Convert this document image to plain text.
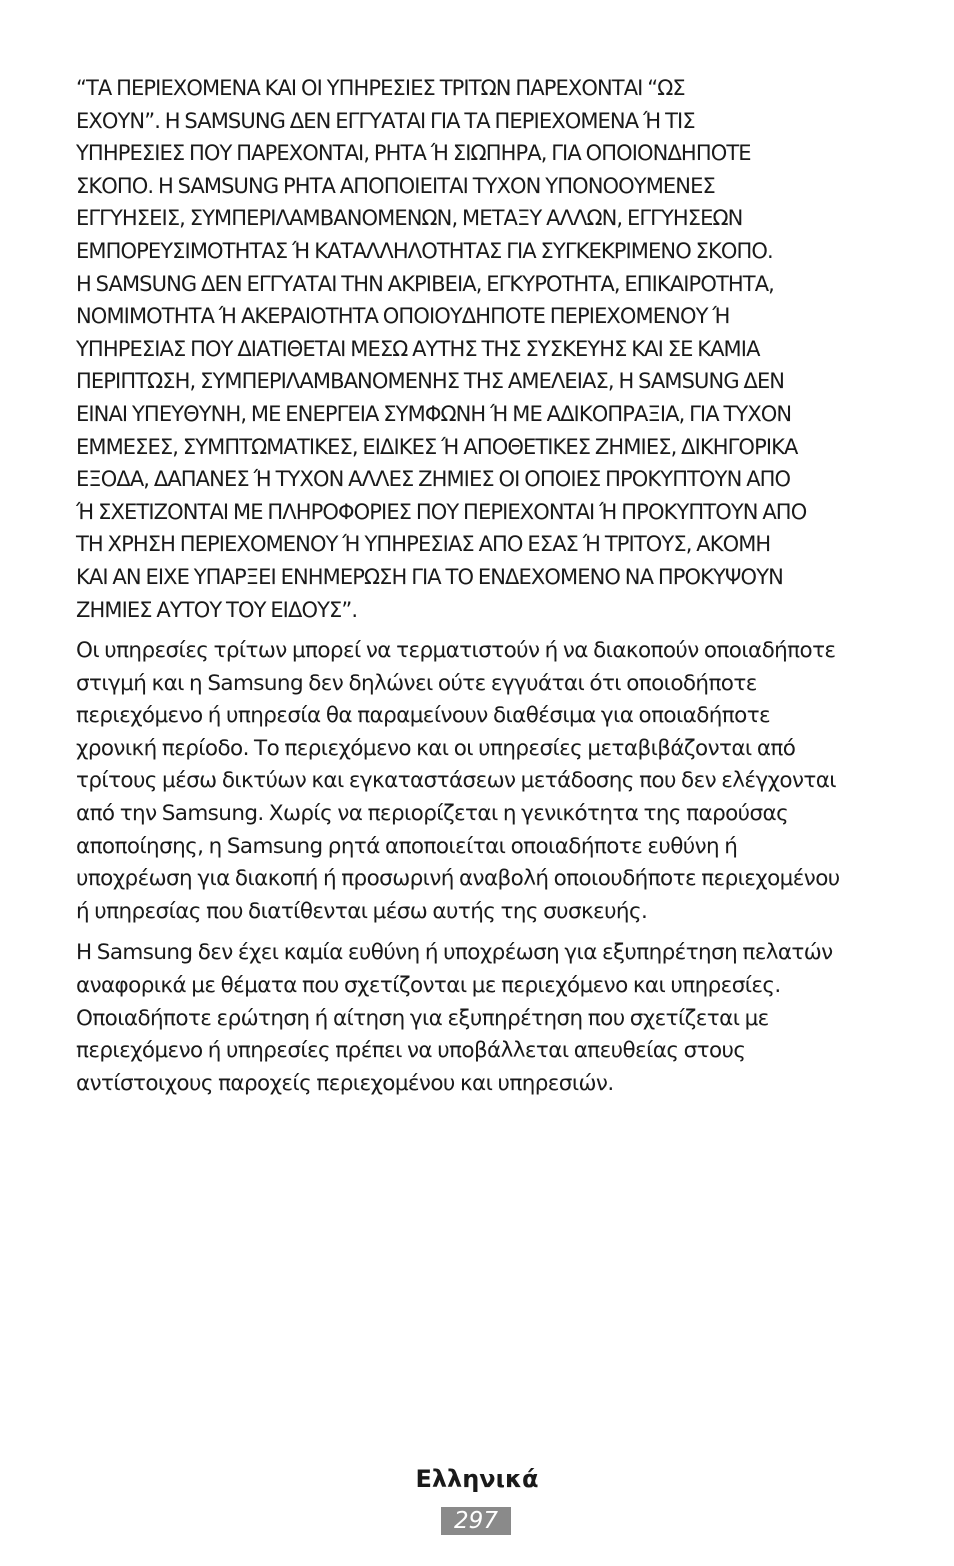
“ΤΑ ΠΕΡΙΕΧΟΜΕΝΑ ΚΑΙ ΟΙ ΥΠΗΡΕΣΙΕΣ ΤΡΙΤΩΝ ΠΑΡΕΧΟΝΤΑΙ “ΩΣ
ΕΧΟΥΝ”. Η SAMSUNG ΔΕΝ ΕΓΓΥΑΤΑΙ ΓΙΑ ΤΑ ΠΕΡΙΕΧΟΜΕΝΑ Ή ΤΙΣ
ΥΠΗΡΕΣΙΕΣ ΠΟΥ ΠΑΡΕΧΟΝΤΑΙ, ΡΗΤΑ Ή ΣΙΩΠΗΡΑ, ΓΙΑ ΟΠΟΙΟΝΔΗΠΟΤΕ
ΣΚΟΠΟ. Η SAMSUNG ΡΗΤΑ ΑΠΟΠΟΙΕΙΤΑΙ ΤΥΧΟΝ ΥΠΟΝΟΟΥΜΕΝΕΣ
ΕΓΓΥΗΣΕΙΣ, ΣΥΜΠΕΡΙΛΑΜΒΑΝΟΜΕΝΩΝ, ΜΕΤΑΞΥ ΑΛΛΩΝ, ΕΓΓΥΗΣΕΩΝ
ΕΜΠΟΡΕΥΣΙΜΟΤΗΤΑΣ Ή ΚΑΤΑΛΛΗΛΟΤΗΤΑΣ ΓΙΑ ΣΥΓΚΕΚΡΙΜΕΝΟ ΣΚΟΠΟ.
Η SAMSUNG ΔΕΝ ΕΓΓΥΑΤΑΙ ΤΗΝ ΑΚΡΙΒΕΙΑ, ΕΓΚΥΡΟΤΗΤΑ, ΕΠΙΚΑΙΡΟΤΗΤΑ,
ΝΟΜΙΜΟΤΗΤΑ Ή ΑΚΕΡΑΙΟΤΗΤΑ ΟΠΟΙΟΥΔΗΠΟΤΕ ΠΕΡΙΕΧΟΜΕΝΟΥ Ή
ΥΠΗΡΕΣΙΑΣ ΠΟΥ ΔΙΑΤΙΘΕΤΑΙ ΜΕΣΩ ΑΥΤΗΣ ΤΗΣ ΣΥΣΚΕΥΗΣ ΚΑΙ ΣΕ ΚΑΜΙΑ
ΠΕΡΙΠΤΩΣΗ, ΣΥΜΠΕΡΙΛΑΜΒΑΝΟΜΕΝΗΣ ΤΗΣ ΑΜΕΛΕΙΑΣ, Η SAMSUNG ΔΕΝ
ΕΙΝΑΙ ΥΠΕΥΘΥΝΗ, ΜΕ ΕΝΕΡΓΕΙΑ ΣΥΜΦΩΝΗ Ή ΜΕ ΑΔΙΚΟΠΡΑΞΙΑ, ΓΙΑ ΤΥΧΟΝ
ΕΜΜΕΣΕΣ, ΣΥΜΠΤΩΜΑΤΙΚΕΣ, ΕΙΔΙΚΕΣ Ή ΑΠΟΘΕΤΙΚΕΣ ΖΗΜΙΕΣ, ΔΙΚΗΓΟΡΙΚΑ
ΕΞΟΔΑ, ΔΑΠΑΝΕΣ Ή ΤΥΧΟΝ ΑΛΛΕΣ ΖΗΜΙΕΣ ΟΙ ΟΠΟΙΕΣ ΠΡΟΚΥΠΤΟΥΝ ΑΠΟ
Ή ΣΧΕΤΙΖΟΝΤΑΙ ΜΕ ΠΛΗΡΟΦΟΡΙΕΣ ΠΟΥ ΠΕΡΙΕΧΟΝΤΑΙ Ή ΠΡΟΚΥΠΤΟΥΝ ΑΠΟ
ΤΗ ΧΡΗΣΗ ΠΕΡΙΕΧΟΜΕΝΟΥ Ή ΥΠΗΡΕΣΙΑΣ ΑΠΟ ΕΣΑΣ Ή ΤΡΙΤΟΥΣ, ΑΚΟΜΗ
ΚΑΙ ΑΝ ΕΙΧΕ ΥΠΑΡΞΕΙ ΕΝΗΜΕΡΩΣΗ ΓΙΑ ΤΟ ΕΝΔΕΧΟΜΕΝΟ ΝΑ ΠΡΟΚΥΨΟΥΝ
ΖΗΜΙΕΣ ΑΥΤΟΥ ΤΟΥ ΕΙΔΟΥΣ”.

Οι υπηρεσίες τρίτων μπορεί να τερματιστούν ή να διακοπούν οποιαδήποτε
στιγμή και η Samsung δεν δηλώνει ούτε εγγυάται ότι οποιοδήποτε
περιεχόμενο ή υπηρεσία θα παραμείνουν διαθέσιμα για οποιαδήποτε
χρονική περίοδο. Το περιεχόμενο και οι υπηρεσίες μεταβιβάζονται από
τρίτους μέσω δικτύων και εγκαταστάσεων μετάδοσης που δεν ελέγχονται
από την Samsung. Χωρίς να περιορίζεται η γενικότητα της παρούσας
αποποίησης, η Samsung ρητά αποποιείται οποιαδήποτε ευθύνη ή
υποχρέωση για διακοπή ή προσωρινή αναβολή οποιουδήποτε περιεχομένου
ή υπηρεσίας που διατίθενται μέσω αυτής της συσκευής.

Η Samsung δεν έχει καμία ευθύνη ή υποχρέωση για εξυπηρέτηση πελατών
αναφορικά με θέματα που σχετίζονται με περιεχόμενο και υπηρεσίες.
Οποιαδήποτε ερώτηση ή αίτηση για εξυπηρέτηση που σχετίζεται με
περιεχόμενο ή υπηρεσίες πρέπει να υποβάλλεται απευθείας στους
αντίστοιχους παροχείς περιεχομένου και υπηρεσιών.

Ελληνικά
297
